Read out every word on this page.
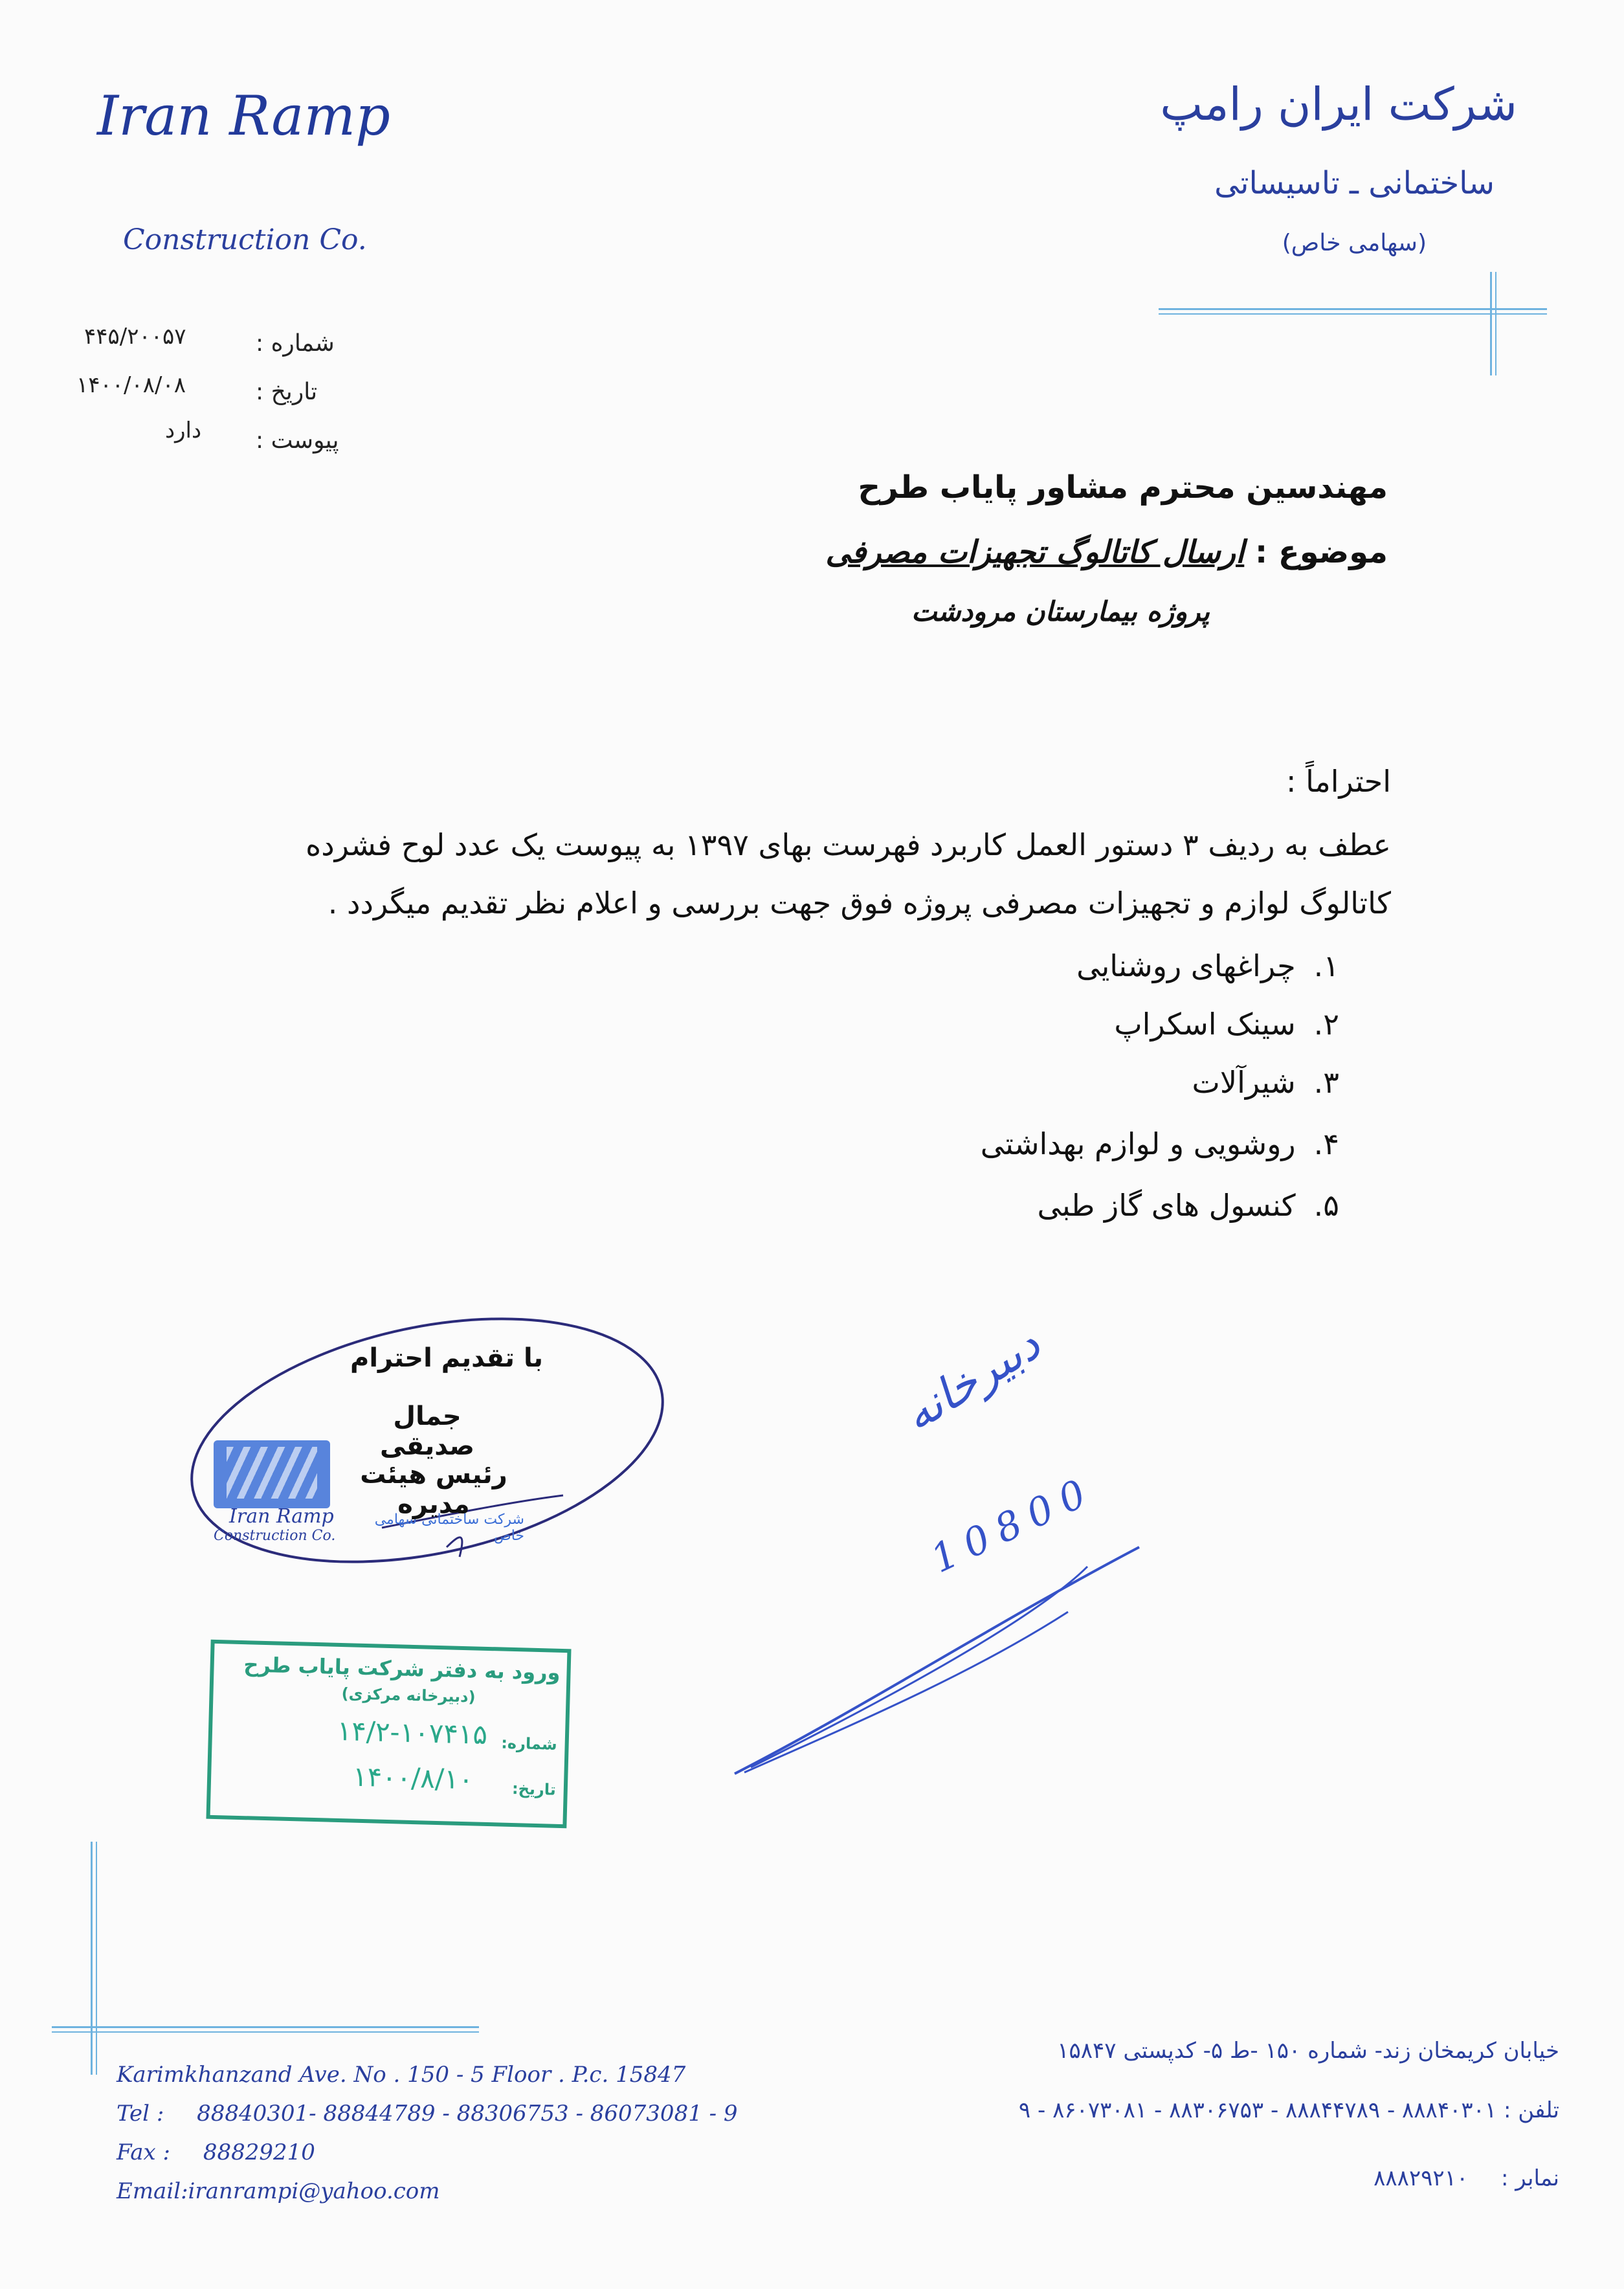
Iran Ramp
Construction Co.
شرکت ایران رامپ
ساختمانی ـ تاسیساتی
(سهامی خاص)
شماره :
۴۴۵/۲۰۰۵۷
تاریخ :
۱۴۰۰/۰۸/۰۸
پیوست :
دارد
مهندسین محترم مشاور پایاب طرح
موضوع : ارسال کاتالوگ تجهیزات مصرفی
پروژه بیمارستان مرودشت
احتراماً :
عطف به ردیف ۳ دستور العمل کاربرد فهرست بهای ۱۳۹۷ به پیوست یک عدد لوح فشرده
کاتالوگ لوازم و تجهیزات مصرفی پروژه فوق جهت بررسی و اعلام نظر تقدیم میگردد .
۱.
چراغهای روشنایی
۲.
سینک اسکراپ
۳.
شیرآلات
۴.
روشویی و لوازم بهداشتی
۵.
کنسول های گاز طبی
Iran Ramp
Construction Co.
شرکت ساختمانی سهامی خاص
با تقدیم احترام
جمال صدیقی
رئیس هیئت مدیره
دبیرخانه
10800
ورود به دفتر شرکت پایاب طرح
(دبیرخانه مرکزی)
شماره:
۱۴/۲-۱۰۷۴۱۵
تاریخ:
۱۴۰۰/۸/۱۰
Karimkhanzand Ave. No . 150 - 5 Floor . P.c. 15847
Tel : 88840301- 88844789 - 88306753 - 86073081 - 9
Fax : 88829210
Email:iranrampi@yahoo.com
خیابان کریمخان زند- شماره ۱۵۰ -ط ۵- کدپستی ۱۵۸۴۷
تلفن : ۸۸۸۴۰۳۰۱ - ۸۸۸۴۴۷۸۹ - ۸۸۳۰۶۷۵۳ - ۸۶۰۷۳۰۸۱ - ۹
نمابر : ۸۸۸۲۹۲۱۰
